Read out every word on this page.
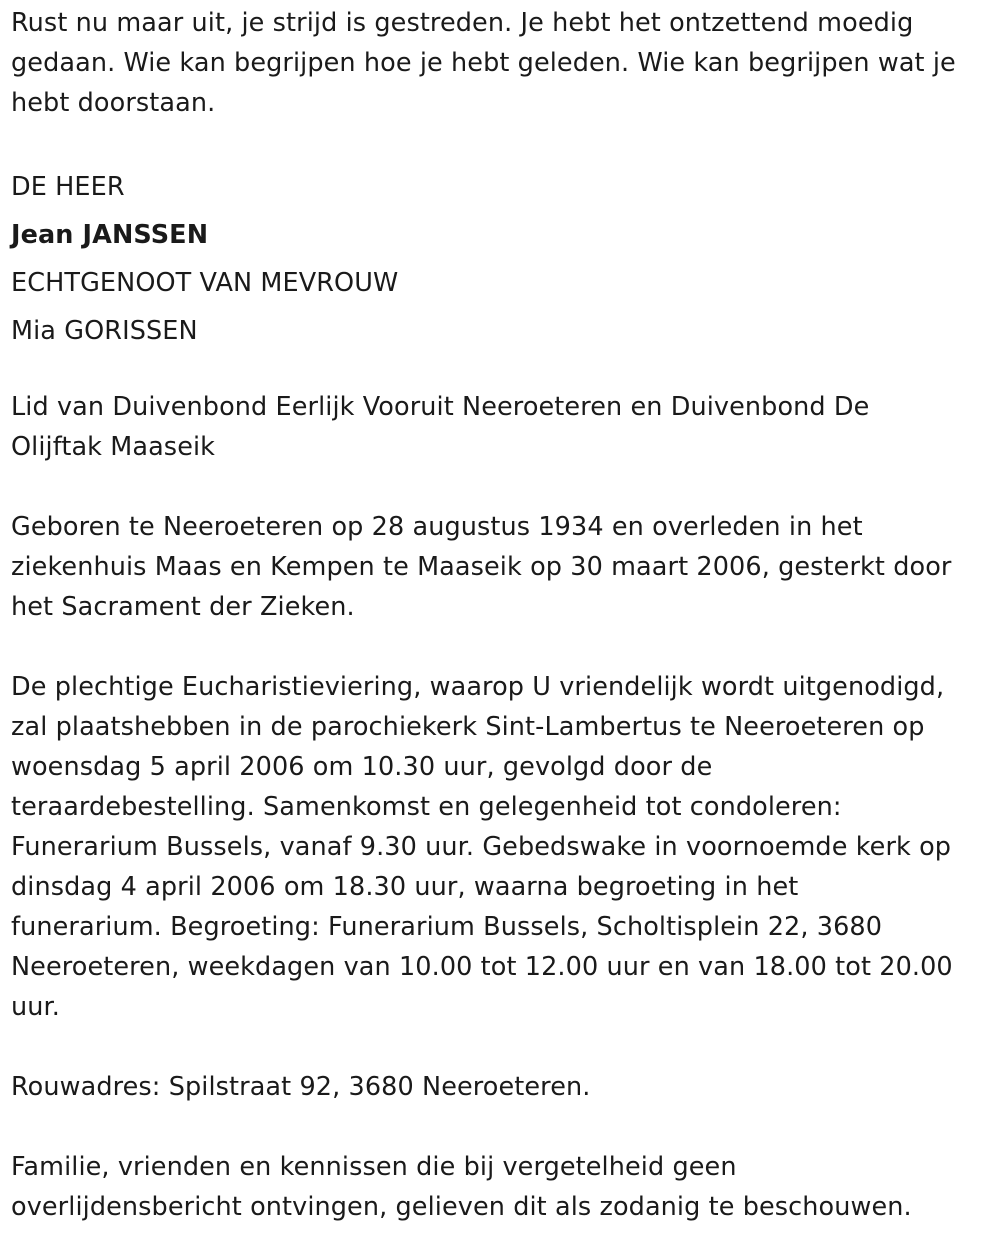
Rust nu maar uit, je strijd is gestreden. Je hebt het ontzettend moedig
gedaan. Wie kan begrijpen hoe je hebt geleden. Wie kan begrijpen wat je
hebt doorstaan.

DE HEER

Jean JANSSEN

ECHTGENOOT VAN MEVROUW

Mia GORISSEN

Lid van Duivenbond Eerlijk Vooruit Neeroeteren en Duivenbond De
Olijftak Maaseik

Geboren te Neeroeteren op 28 augustus 1934 en overleden in het
ziekenhuis Maas en Kempen te Maaseik op 30 maart 2006, gesterkt door
het Sacrament der Zieken.

De plechtige Eucharistieviering, waarop U vriendelijk wordt uitgenodigd,
zal plaatshebben in de parochiekerk Sint-Lambertus te Neeroeteren op
woensdag 5 april 2006 om 10.30 uur, gevolgd door de
teraardebestelling. Samenkomst en gelegenheid tot condoleren:
Funerarium Bussels, vanaf 9.30 uur. Gebedswake in voornoemde kerk op
dinsdag 4 april 2006 om 18.30 uur, waarna begroeting in het
funerarium. Begroeting: Funerarium Bussels, Scholtisplein 22, 3680
Neeroeteren, weekdagen van 10.00 tot 12.00 uur en van 18.00 tot 20.00
uur.

Rouwadres: Spilstraat 92, 3680 Neeroeteren.

Familie, vrienden en kennissen die bij vergetelheid geen
overlijdensbericht ontvingen, gelieven dit als zodanig te beschouwen.
